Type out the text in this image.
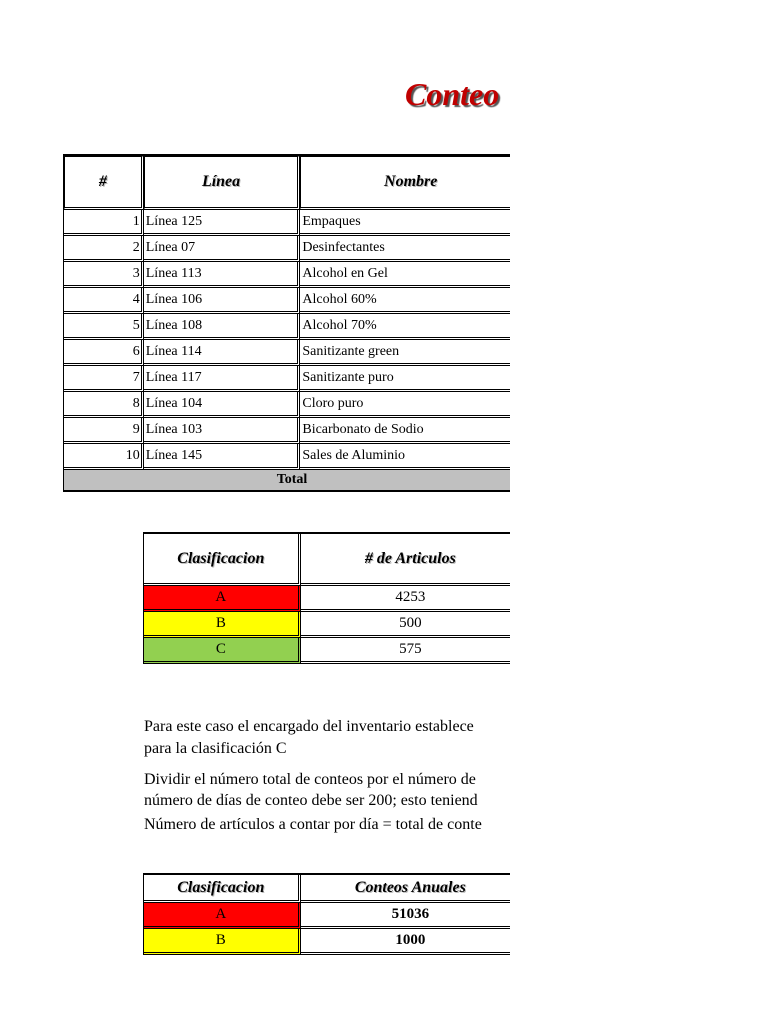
Conteo
#	Línea	Nombre
1	Línea 125	Empaques
2	Línea 07	Desinfectantes
3	Línea 113	Alcohol en Gel
4	Línea 106	Alcohol 60%
5	Línea 108	Alcohol 70%
6	Línea 114	Sanitizante green
7	Línea 117	Sanitizante puro
8	Línea 104	Cloro puro
9	Línea 103	Bicarbonato de Sodio
10	Línea 145	Sales de Aluminio
Total		
Clasificacion	# de Articulos
A	4253
B	500
C	575
Para este caso el encargado del inventario establece
para la clasificación C
Dividir el número total de conteos por el número de
número de días de conteo debe ser 200; esto teniend
Número de artículos a contar por día = total de conte
Clasificacion	Conteos Anuales
A	51036
B	1000
